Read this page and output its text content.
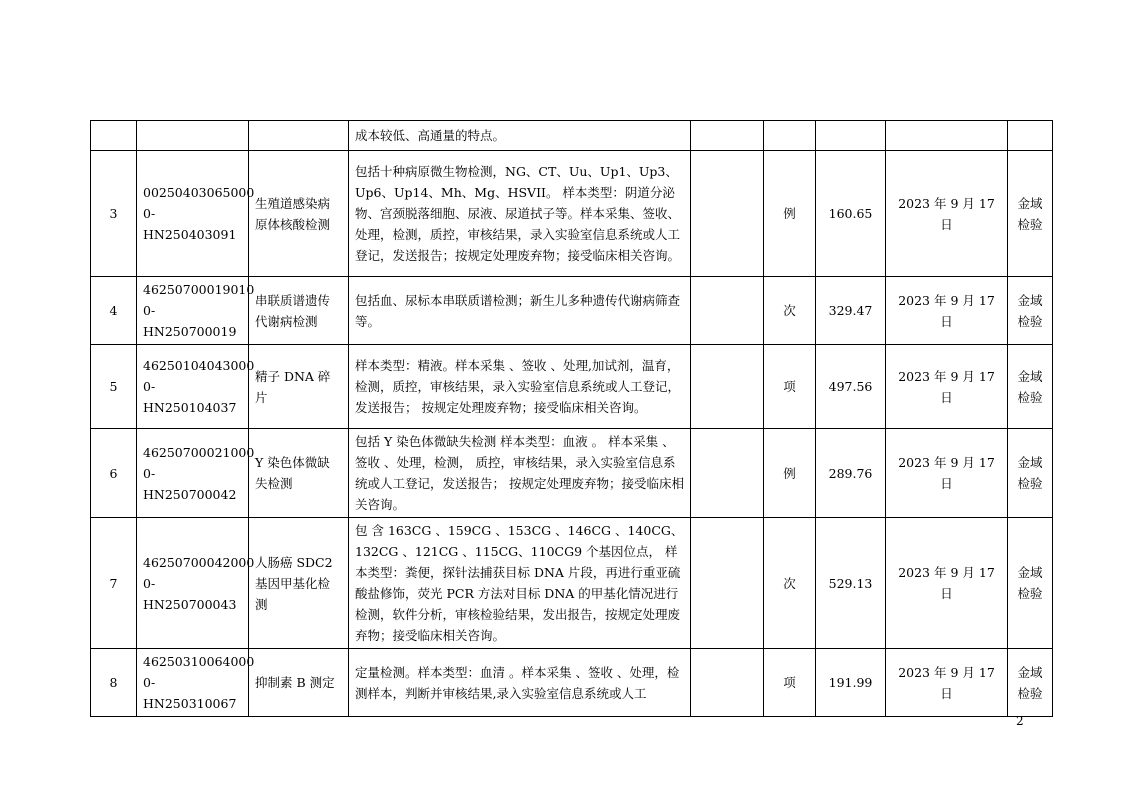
			成本较低、高通量的特点。					
3	00250403065000 0-HN250403091	生殖道感染病原体核酸检测	包括十种病原微生物检测，NG、CT、Uu、Up1、Up3、Up6、Up14、Mh、Mg、HSVII。 样本类型：阴道分泌物、宫颈脱落细胞、尿液、尿道拭子等。样本采集、签收、处理，检测，质控，审核结果，录入实验室信息系统或人工登记，发送报告；按规定处理废弃物；接受临床相关咨询。		例	160.65	2023 年 9 月 17 日	金域检验
4	46250700019010 0-HN250700019	串联质谱遗传代谢病检测	包括血、尿标本串联质谱检测；新生儿多种遗传代谢病筛查等。		次	329.47	2023 年 9 月 17 日	金域检验
5	46250104043000 0-HN250104037	精子 DNA 碎片	样本类型：精液。样本采集 、签收 、处理,加试剂，温育，检测，质控，审核结果，录入实验室信息系统或人工登记，发送报告； 按规定处理废弃物；接受临床相关咨询。		项	497.56	2023 年 9 月 17 日	金域检验
6	46250700021000 0-HN250700042	Y 染色体微缺失检测	包括 Y 染色体微缺失检测 样本类型：血液 。 样本采集 、签收 、处理，检测， 质控，审核结果，录入实验室信息系统或人工登记，发送报告； 按规定处理废弃物；接受临床相关咨询。		例	289.76	2023 年 9 月 17 日	金域检验
7	46250700042000 0-HN250700043	人肠癌 SDC2 基因甲基化检测	包 含 163CG 、159CG 、153CG 、146CG 、140CG、132CG 、121CG 、115CG、110CG9 个基因位点， 样本类型：粪便，探针法捕获目标 DNA 片段，再进行重亚硫酸盐修饰，荧光 PCR 方法对目标 DNA 的甲基化情况进行检测，软件分析，审核检验结果，发出报告，按规定处理废弃物；接受临床相关咨询。		次	529.13	2023 年 9 月 17 日	金域检验
8	46250310064000 0-HN250310067	抑制素 B 测定	定量检测。样本类型：血清 。样本采集 、签收 、处理，检测样本，判断并审核结果,录入实验室信息系统或人工		项	191.99	2023 年 9 月 17 日	金域检验
2
